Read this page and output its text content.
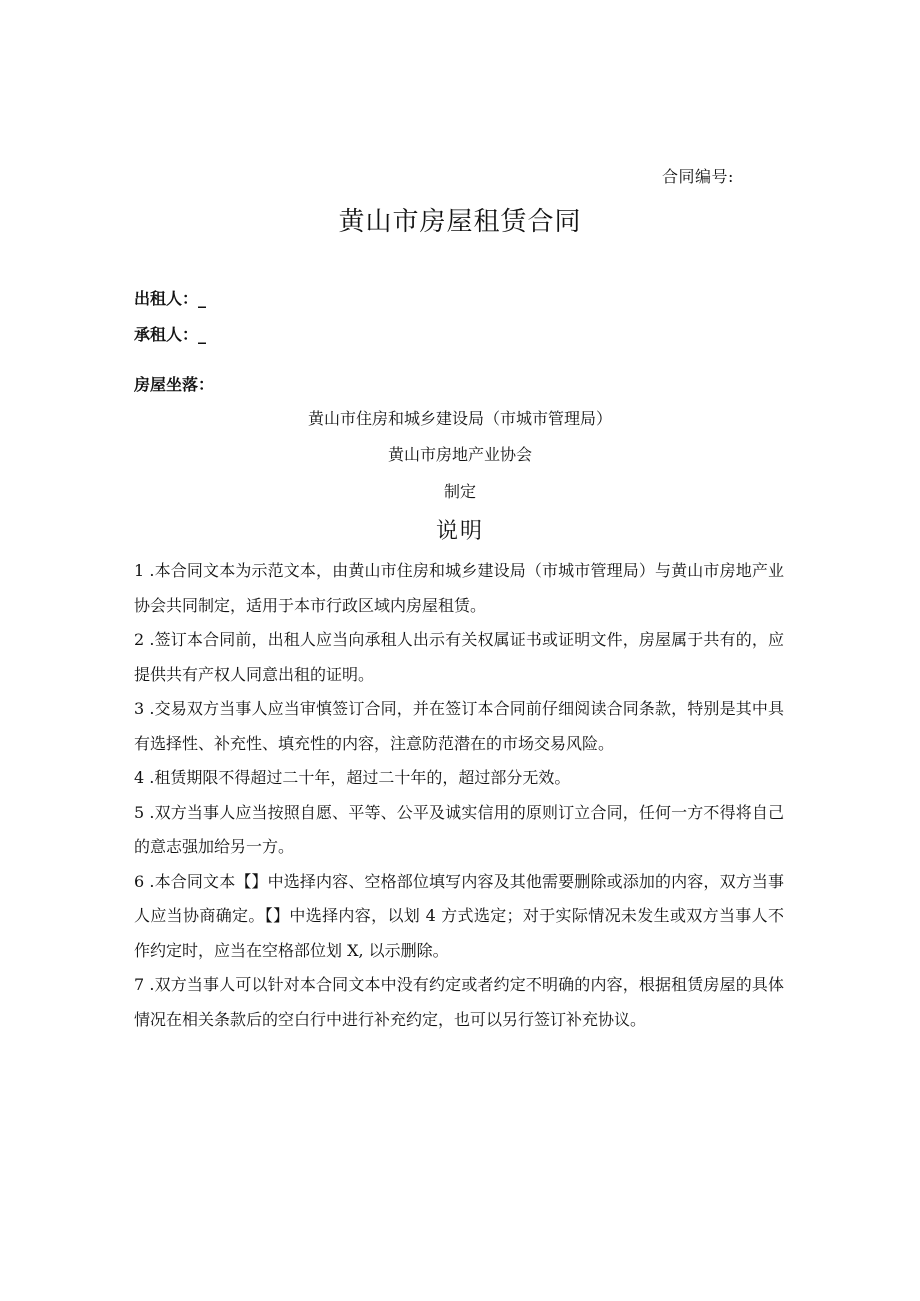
合同编号:
黄山市房屋租赁合同
出租人：_
承租人：_
房屋坐落：
黄山市住房和城乡建设局（市城市管理局）
黄山市房地产业协会
制定
说明

1 .本合同文本为示范文本，由黄山市住房和城乡建设局（市城市管理局）与黄山市房地产业协会共同制定，适用于本市行政区域内房屋租赁。

2 .签订本合同前，出租人应当向承租人出示有关权属证书或证明文件，房屋属于共有的，应提供共有产权人同意出租的证明。

3 .交易双方当事人应当审慎签订合同，并在签订本合同前仔细阅读合同条款，特别是其中具有选择性、补充性、填充性的内容，注意防范潜在的市场交易风险。

4 .租赁期限不得超过二十年，超过二十年的，超过部分无效。

5 .双方当事人应当按照自愿、平等、公平及诚实信用的原则订立合同，任何一方不得将自己的意志强加给另一方。

6 .本合同文本【】中选择内容、空格部位填写内容及其他需要删除或添加的内容，双方当事人应当协商确定。【】中选择内容，以划 4 方式选定；对于实际情况未发生或双方当事人不作约定时，应当在空格部位划 X, 以示删除。

7 .双方当事人可以针对本合同文本中没有约定或者约定不明确的内容，根据租赁房屋的具体情况在相关条款后的空白行中进行补充约定，也可以另行签订补充协议。
